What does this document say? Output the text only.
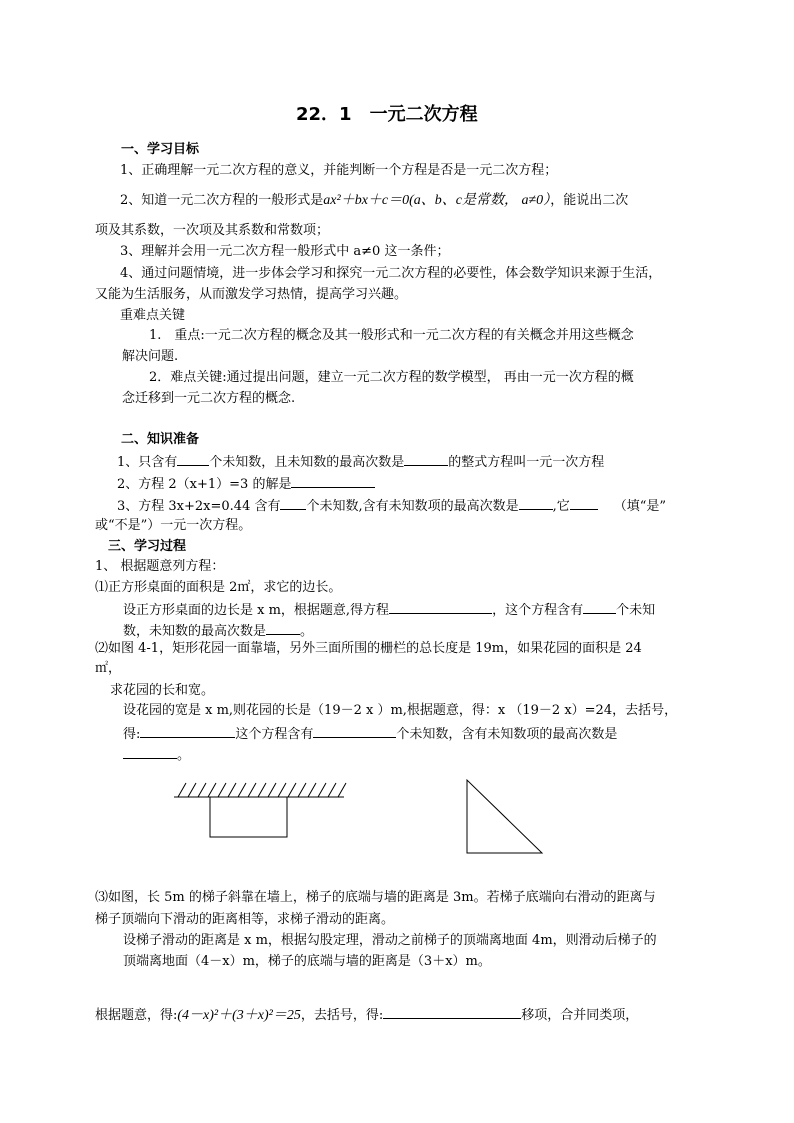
22．1　一元二次方程
一、学习目标
1、正确理解一元二次方程的意义，并能判断一个方程是否是一元二次方程；
2、知道一元二次方程的一般形式是ax²＋bx＋c＝0(a、b、c是常数， a≠0），能说出二次
项及其系数，一次项及其系数和常数项；
3、理解并会用一元二次方程一般形式中 a≠0 这一条件；
4、通过问题情境，进一步体会学习和探究一元二次方程的必要性，体会数学知识来源于生活，
又能为生活服务，从而激发学习热情，提高学习兴趣。
重难点关键
1.　重点:一元二次方程的概念及其一般形式和一元二次方程的有关概念并用这些概念
解决问题.
2．难点关键:通过提出问题，建立一元二次方程的数学模型， 再由一元一次方程的概
念迁移到一元二次方程的概念.
二、知识准备
1、只含有 个未知数，且未知数的最高次数是	的整式方程叫一元一次方程
2、方程 2（x+1）=3 的解是
3、方程 3x+2x=0.44 含有 个未知数,含有未知数项的最高次数是	,它	（填“是”
或“不是”）一元一次方程。
三、学习过程
1、 根据题意列方程：
⑴正方形桌面的面积是 2㎡，求它的边长。
设正方形桌面的边长是 x m，根据题意,得方程	，这个方程含有	个未知
数，未知数的最高次数是	。
⑵如图 4-1，矩形花园一面靠墙，另外三面所围的栅栏的总长度是 19m，如果花园的面积是 24
㎡，
求花园的长和宽。
设花园的宽是 x m,则花园的长是（19－2 x ）m,根据题意，得：x （19－2 x）=24，去括号，
得:	这个方程含有	个未知数，含有未知数项的最高次数是
。
⑶如图，长 5m 的梯子斜靠在墙上，梯子的底端与墙的距离是 3m。若梯子底端向右滑动的距离与
梯子顶端向下滑动的距离相等，求梯子滑动的距离。
设梯子滑动的距离是 x m，根据勾股定理，滑动之前梯子的顶端离地面 4m，则滑动后梯子的
顶端离地面（4－x）m，梯子的底端与墙的距离是（3＋x）m。
根据题意，得:(4－x)²＋(3＋x)²＝25，去括号，得:	移项，合并同类项，
